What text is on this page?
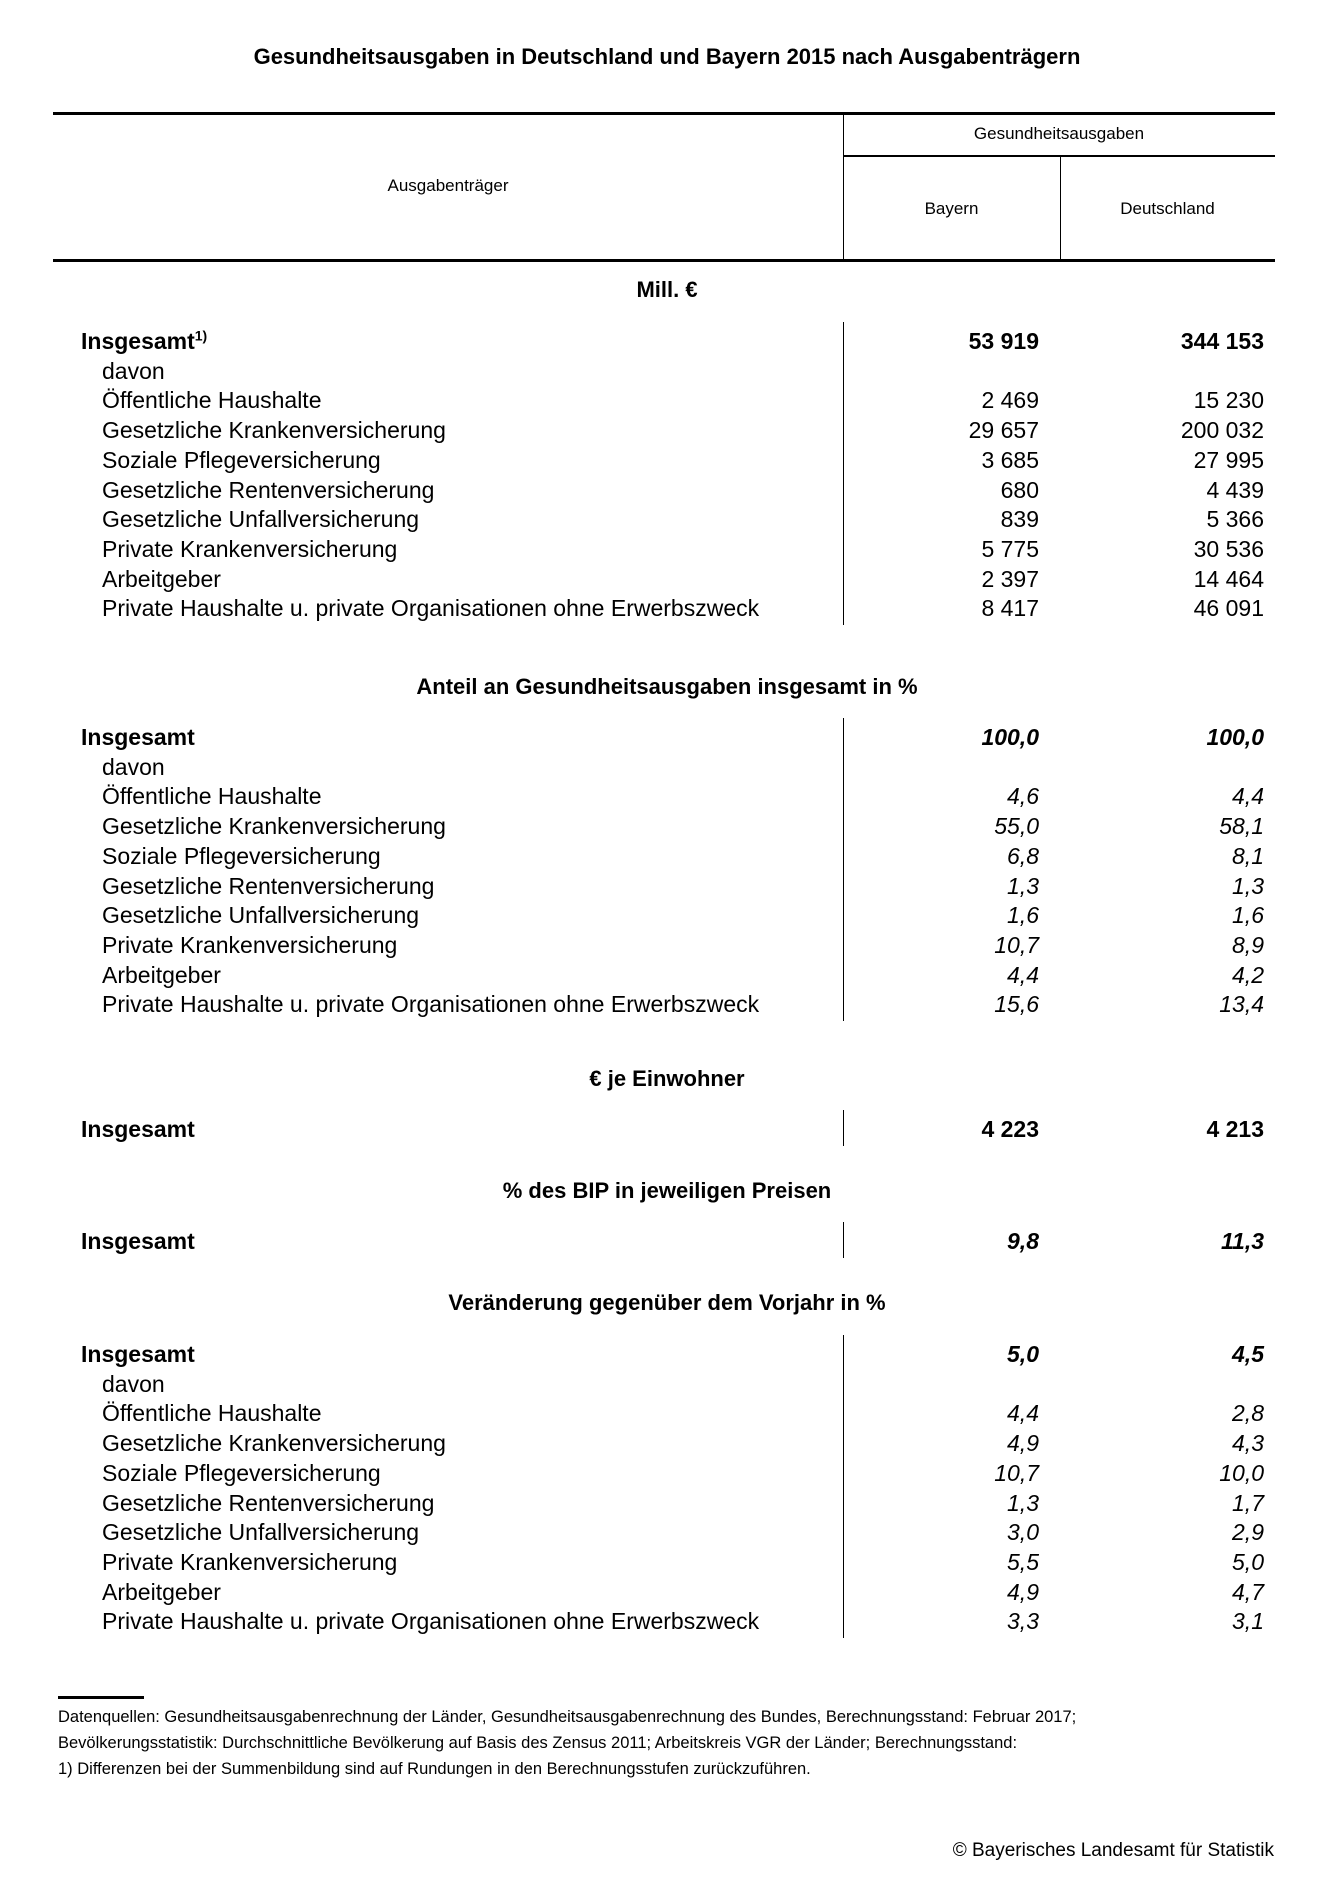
Gesundheitsausgaben in Deutschland und Bayern 2015 nach Ausgabenträgern
Ausgabenträger
Gesundheitsausgaben
Bayern	Deutschland
Mill. €
Insgesamt$^{1)}$	53 919	344 153
davon
Öffentliche Haushalte	2 469	15 230
Gesetzliche Krankenversicherung	29 657	200 032
Soziale Pflegeversicherung	3 685	27 995
Gesetzliche Rentenversicherung	680	4 439
Gesetzliche Unfallversicherung	839	5 366
Private Krankenversicherung	5 775	30 536
Arbeitgeber	2 397	14 464
Private Haushalte u. private Organisationen ohne Erwerbszweck	8 417	46 091
Anteil an Gesundheitsausgaben insgesamt in %
Insgesamt	100,0	100,0
davon
Öffentliche Haushalte	4,6	4,4
Gesetzliche Krankenversicherung	55,0	58,1
Soziale Pflegeversicherung	6,8	8,1
Gesetzliche Rentenversicherung	1,3	1,3
Gesetzliche Unfallversicherung	1,6	1,6
Private Krankenversicherung	10,7	8,9
Arbeitgeber	4,4	4,2
Private Haushalte u. private Organisationen ohne Erwerbszweck	15,6	13,4
€ je Einwohner
Insgesamt	4 223	4 213
% des BIP in jeweiligen Preisen
Insgesamt	9,8	11,3
Veränderung gegenüber dem Vorjahr in %
Insgesamt	5,0	4,5
davon
Öffentliche Haushalte	4,4	2,8
Gesetzliche Krankenversicherung	4,9	4,3
Soziale Pflegeversicherung	10,7	10,0
Gesetzliche Rentenversicherung	1,3	1,7
Gesetzliche Unfallversicherung	3,0	2,9
Private Krankenversicherung	5,5	5,0
Arbeitgeber	4,9	4,7
Private Haushalte u. private Organisationen ohne Erwerbszweck	3,3	3,1
Datenquellen: Gesundheitsausgabenrechnung der Länder, Gesundheitsausgabenrechnung des Bundes, Berechnungsstand: Februar 2017;
Bevölkerungsstatistik: Durchschnittliche Bevölkerung auf Basis des Zensus 2011; Arbeitskreis VGR der Länder; Berechnungsstand:
1) Differenzen bei der Summenbildung sind auf Rundungen in den Berechnungsstufen zurückzuführen.
© Bayerisches Landesamt für Statistik
